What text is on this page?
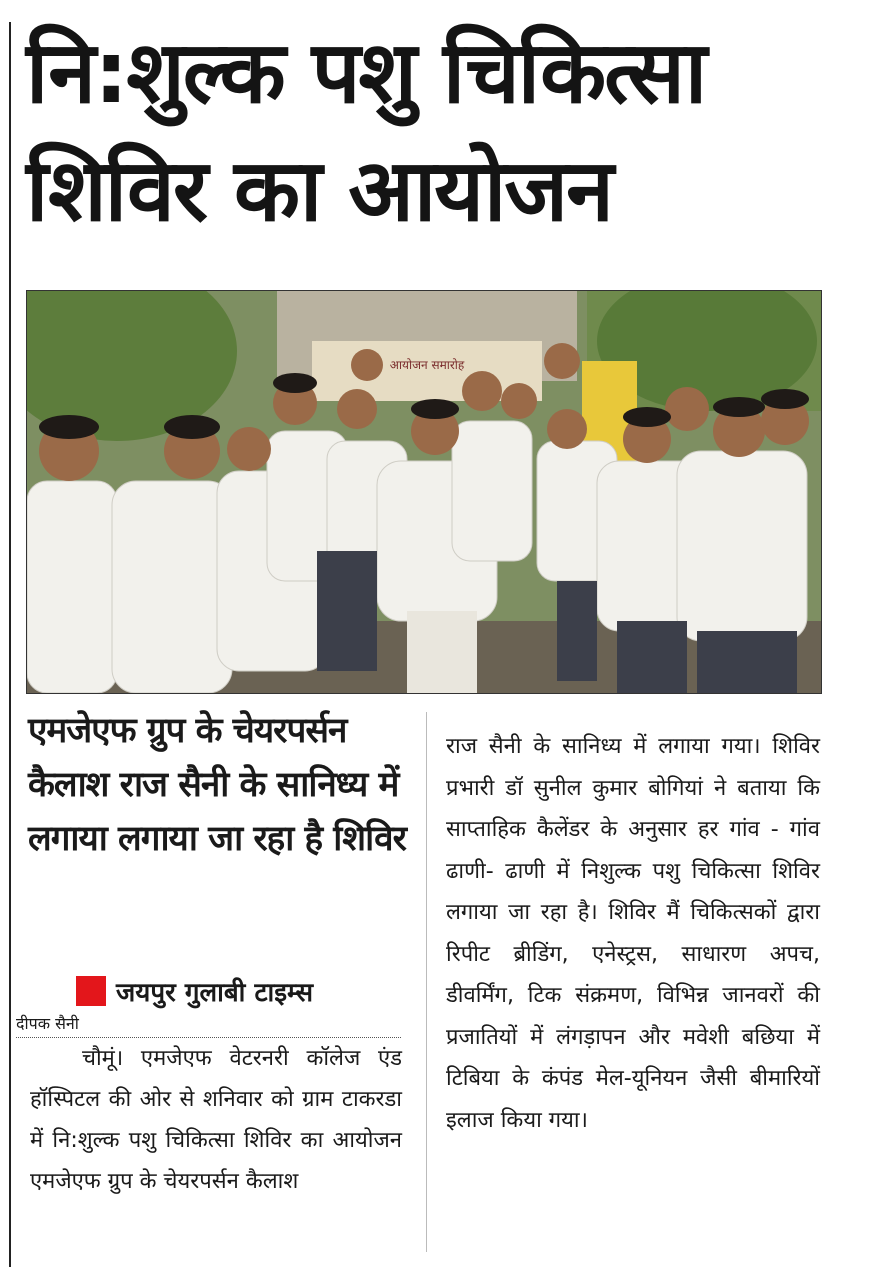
नि:शुल्क पशु चिकित्सा
शिविर का आयोजन
आयोजन समारोह
एमजेएफ ग्रुप के चेयरपर्सन कैलाश राज सैनी के सानिध्य में लगाया लगाया जा रहा है शिविर
जयपुर गुलाबी टाइम्स
दीपक सैनी
चौमूं। एमजेएफ वेटरनरी कॉलेज एंड हॉस्पिटल की ओर से शनिवार को ग्राम टाकरडा में नि:शुल्क पशु चिकित्सा शिविर का आयोजन एमजेएफ ग्रुप के चेयरपर्सन कैलाश
राज सैनी के सानिध्य में लगाया गया। शिविर प्रभारी डॉ सुनील कुमार बोगियां ने बताया कि साप्ताहिक कैलेंडर के अनुसार हर गांव - गांव ढाणी- ढाणी में निशुल्क पशु चिकित्सा शिविर लगाया जा रहा है। शिविर मैं चिकित्सकों द्वारा रिपीट ब्रीडिंग, एनेस्ट्रस, साधारण अपच, डीवर्मिंग, टिक संक्रमण, विभिन्न जानवरों की प्रजातियों में लंगड़ापन और मवेशी बछिया में टिबिया के कंपंड मेल-यूनियन जैसी बीमारियों इलाज किया गया।
